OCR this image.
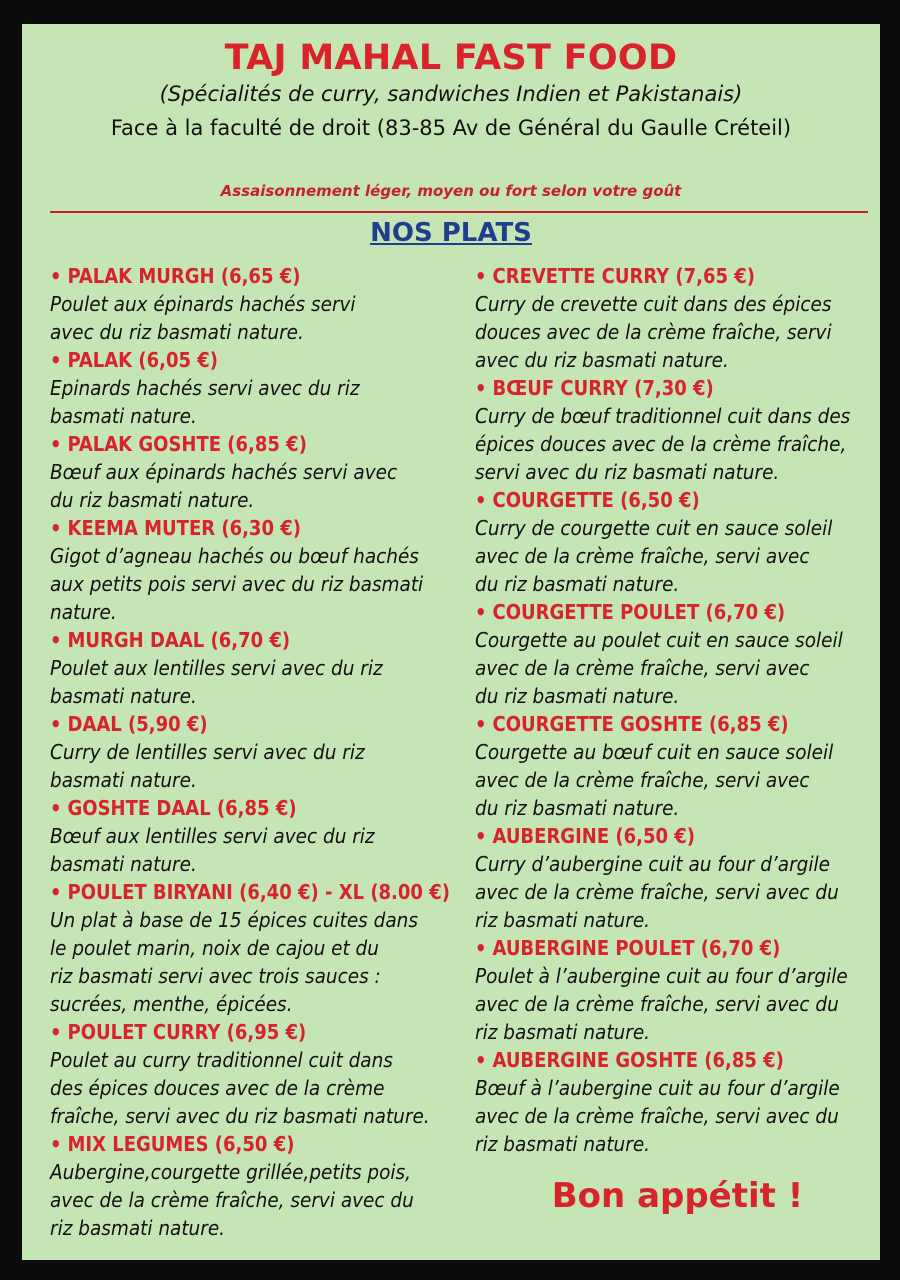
TAJ MAHAL FAST FOOD
(Spécialités de curry, sandwiches Indien et Pakistanais)
Face à la faculté de droit (83-85 Av de Général du Gaulle Créteil)
Assaisonnement léger, moyen ou fort selon votre goût
NOS PLATS
• PALAK MURGH (6,65 €)
Poulet aux épinards hachés servi
avec du riz basmati nature.
• PALAK (6,05 €)
Epinards hachés servi avec du riz
basmati nature.
• PALAK GOSHTE (6,85 €)
Bœuf aux épinards hachés servi avec
du riz basmati nature.
• KEEMA MUTER (6,30 €)
Gigot d’agneau hachés ou bœuf hachés
aux petits pois servi avec du riz basmati
nature.
• MURGH DAAL (6,70 €)
Poulet aux lentilles servi avec du riz
basmati nature.
• DAAL (5,90 €)
Curry de lentilles servi avec du riz
basmati nature.
• GOSHTE DAAL (6,85 €)
Bœuf aux lentilles servi avec du riz
basmati nature.
• POULET BIRYANI (6,40 €) - XL (8.00 €)
Un plat à base de 15 épices cuites dans
le poulet marin, noix de cajou et du
riz basmati servi avec trois sauces :
sucrées, menthe, épicées.
• POULET CURRY (6,95 €)
Poulet au curry traditionnel cuit dans
des épices douces avec de la crème
fraîche, servi avec du riz basmati nature.
• MIX LEGUMES (6,50 €)
Aubergine,courgette grillée,petits pois,
avec de la crème fraîche, servi avec du
riz basmati nature.
• CREVETTE CURRY (7,65 €)
Curry de crevette cuit dans des épices
douces avec de la crème fraîche, servi
avec du riz basmati nature.
• BŒUF CURRY (7,30 €)
Curry de bœuf traditionnel cuit dans des
épices douces avec de la crème fraîche,
servi avec du riz basmati nature.
• COURGETTE (6,50 €)
Curry de courgette cuit en sauce soleil
avec de la crème fraîche, servi avec
du riz basmati nature.
• COURGETTE POULET (6,70 €)
Courgette au poulet cuit en sauce soleil
avec de la crème fraîche, servi avec
du riz basmati nature.
• COURGETTE GOSHTE (6,85 €)
Courgette au bœuf cuit en sauce soleil
avec de la crème fraîche, servi avec
du riz basmati nature.
• AUBERGINE (6,50 €)
Curry d’aubergine cuit au four d’argile
avec de la crème fraîche, servi avec du
riz basmati nature.
• AUBERGINE POULET (6,70 €)
Poulet à l’aubergine cuit au four d’argile
avec de la crème fraîche, servi avec du
riz basmati nature.
• AUBERGINE GOSHTE (6,85 €)
Bœuf à l’aubergine cuit au four d’argile
avec de la crème fraîche, servi avec du
riz basmati nature.
Bon appétit !
